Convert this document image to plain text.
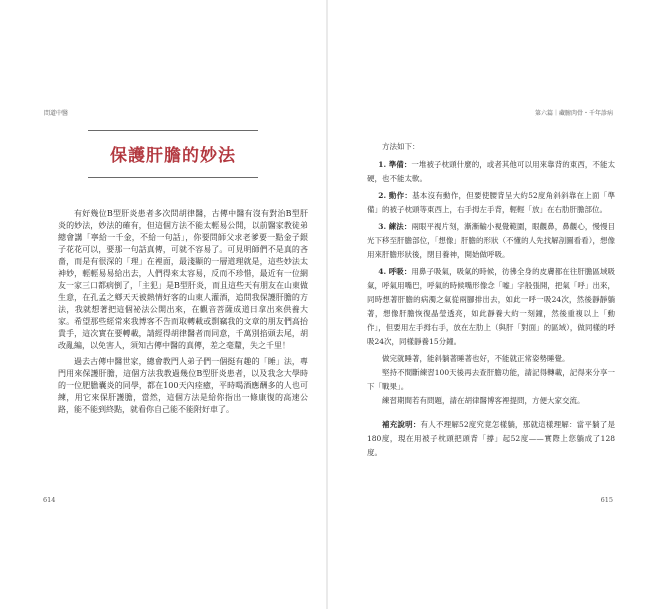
問道中醫
保護肝膽的妙法

有好幾位B型肝炎患者多次問胡律醫，古傳中醫有沒有對治B型肝炎的妙法，妙法的確有，但這個方法不能太輕易公開，以前醫家教徒弟總會講「寧給一千金，不給一句話」，你要問師父求老爹要一點金子銀子花花可以，要那一句話真傳，可就不容易了。可見明師們不是真的吝嗇，而是有很深的「理」在裡面，最淺顯的一層道理就是，這些妙法太神妙，輕輕易易給出去，人們得來太容易，反而不珍惜，最近有一位網友一家三口都病倒了，「主犯」是B型肝炎，而且這些天有朋友在山東做生意，在孔孟之鄉天天被熱情好客的山東人灌酒，追問我保護肝膽的方法，我就想著把這個祕法公開出來，在觀音菩薩成道日拿出來供養大家。希望那些經常來我博客不告而取轉載或剽竊我的文章的朋友們高抬貴手，這次實在要轉載，請經得胡律醫者而同意，千萬別掐頭去尾，胡改亂編，以免害人，須知古傳中醫的真傳，差之毫釐，失之千里！

過去古傳中醫世家，總會教門人弟子們一個挺有趣的「睡」法，專門用來保護肝膽，這個方法我教過幾位B型肝炎患者，以及我念大學時的一位肥膽囊炎的同學，都在100天內痊癒，平時喝酒應酬多的人也可練，用它來保肝護膽，當然，這個方法是給你指出一條康復的高速公路，能不能到終點，就看你自己能不能附好車了。

614
第六篇｜藏腑肉骨・千年診病
615

方法如下：

1. 準備：一堆被子枕頭什麼的，或者其他可以用來靠背的東西，不能太硬，也不能太軟。

2. 動作：基本沒有動作，但要使腰背呈大約52度角斜斜靠在上面「準備」的被子枕頭等東西上，右手拇左手背，輕輕「放」在右肋肝膽部位。

3. 練法：兩眼平視片刻，漸漸輸小視覺範圍，眼觀鼻，鼻觀心，慢慢目光下移至肝膽部位，「想像」肝膽的形狀（不懂的人先找解剖圖看看），想像用來肝膽形狀後，閉目養神，開始做呼吸。

4. 呼吸：用鼻子吸氣，吸氣的時候，彷彿全身的皮膚都在往肝膽區域吸氣，呼氣用嘴巴，呼氣的時候嘴形像念「嘘」字般張開，把氣「呼」出來，同時想著肝膽的病濁之氣從兩腳排出去，如此一呼一吸24次，然後靜靜躺著，想像肝膽恢復晶瑩透亮，如此靜養大約一刻鐘，然後重複以上「動作」，但要用左手拇右手，放在左肋上（與肝「對面」的區域），做同樣的呼吸24次，同樣靜養15分鐘。

做完就睡著，能斜躺著睡著也好，不能就正常姿勢睡覺。

堅持不間斷練習100天後再去查肝膽功能，請記得轉載，記得來分享一下「戰果」。

練習期間若有問題，請在胡律醫博客裡提問，方便大家交流。

補充說明：有人不理解52度究竟怎樣躺，那就這樣理解：當平躺了是180度，現在用被子枕頭把頭背「撐」起52度——實際上您躺成了128度。
